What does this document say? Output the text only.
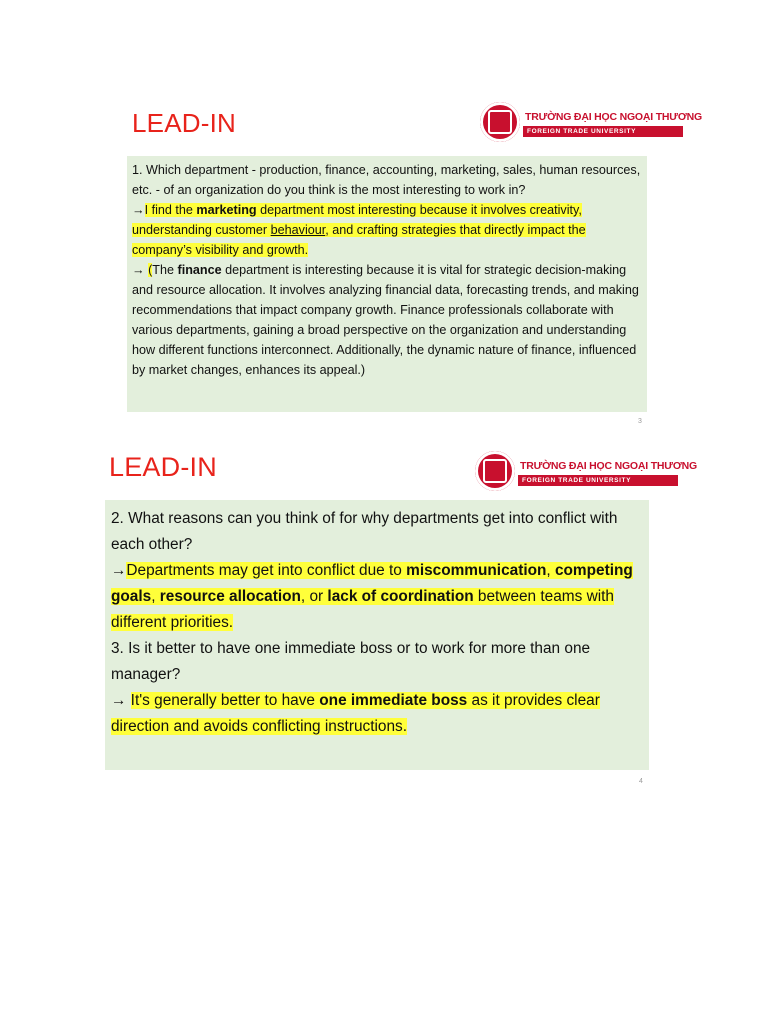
LEAD-IN	TRƯỜNG ĐẠI HỌC NGOẠI THƯƠNG
FOREIGN TRADE UNIVERSITY

1. Which department - production, finance, accounting, marketing, sales, human resources, etc. - of an organization do you think is the most interesting to work in?

→I find the marketing department most interesting because it involves creativity, understanding customer behaviour, and crafting strategies that directly impact the company’s visibility and growth.

→ (The finance department is interesting because it is vital for strategic decision-making and resource allocation. It involves analyzing financial data, forecasting trends, and making recommendations that impact company growth. Finance professionals collaborate with various departments, gaining a broad perspective on the organization and understanding how different functions interconnect. Additionally, the dynamic nature of finance, influenced by market changes, enhances its appeal.)

3
LEAD-IN	TRƯỜNG ĐẠI HỌC NGOẠI THƯƠNG
FOREIGN TRADE UNIVERSITY

2. What reasons can you think of for why departments get into conflict with each other?

→Departments may get into conflict due to miscommunication, competing goals, resource allocation, or lack of coordination between teams with different priorities.

3. Is it better to have one immediate boss or to work for more than one manager?

→ It's generally better to have one immediate boss as it provides clear direction and avoids conflicting instructions.

4
